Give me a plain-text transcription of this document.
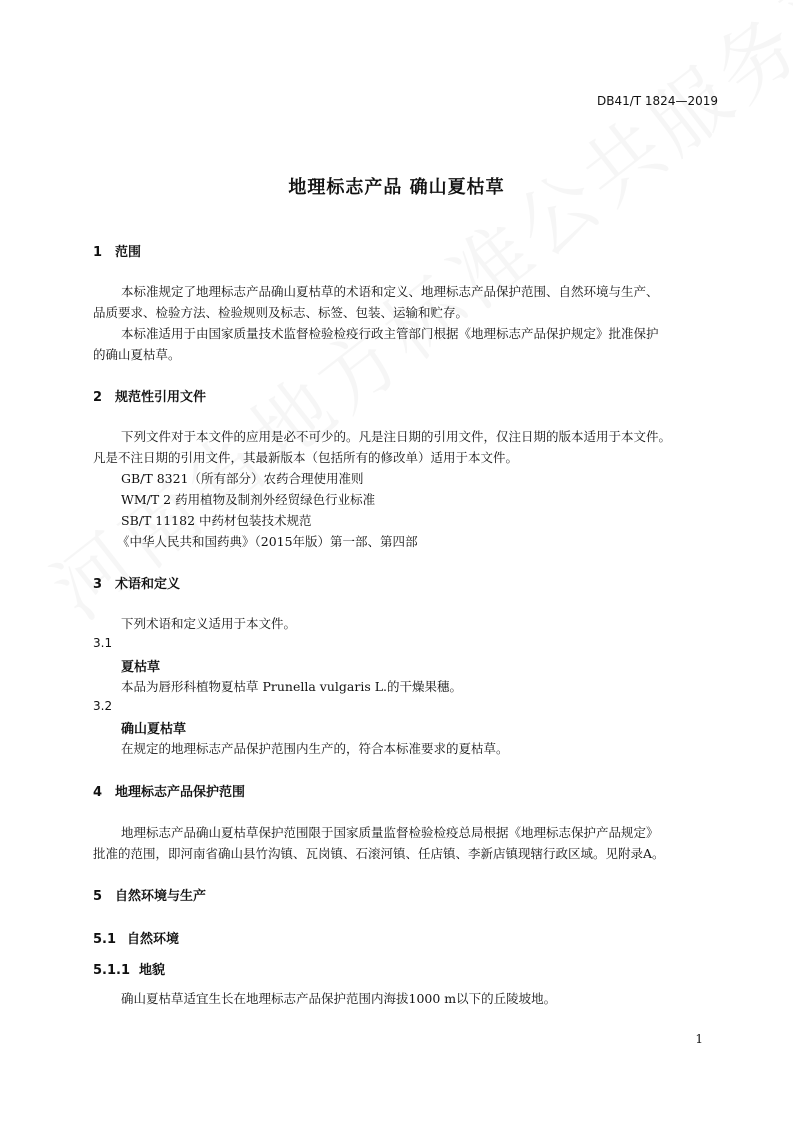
DB41/T 1824—2019
地理标志产品 确山夏枯草
1 范围
本标准规定了地理标志产品确山夏枯草的术语和定义、地理标志产品保护范围、自然环境与生产、
品质要求、检验方法、检验规则及标志、标签、包装、运输和贮存。
本标准适用于由国家质量技术监督检验检疫行政主管部门根据《地理标志产品保护规定》批准保护
的确山夏枯草。
2 规范性引用文件
下列文件对于本文件的应用是必不可少的。凡是注日期的引用文件，仅注日期的版本适用于本文件。
凡是不注日期的引用文件，其最新版本（包括所有的修改单）适用于本文件。
GB/T 8321（所有部分）农药合理使用准则
WM/T 2 药用植物及制剂外经贸绿色行业标准
SB/T 11182 中药材包装技术规范
《中华人民共和国药典》（2015年版）第一部、第四部
3 术语和定义
下列术语和定义适用于本文件。
3.1
夏枯草
本品为唇形科植物夏枯草 Prunella vulgaris L.的干燥果穗。
3.2
确山夏枯草
在规定的地理标志产品保护范围内生产的，符合本标准要求的夏枯草。
4 地理标志产品保护范围
地理标志产品确山夏枯草保护范围限于国家质量监督检验检疫总局根据《地理标志保护产品规定》
批准的范围，即河南省确山县竹沟镇、瓦岗镇、石滚河镇、任店镇、李新店镇现辖行政区域。见附录A。
5 自然环境与生产
5.1 自然环境
5.1.1 地貌
确山夏枯草适宜生长在地理标志产品保护范围内海拔1000 m以下的丘陵坡地。
1
